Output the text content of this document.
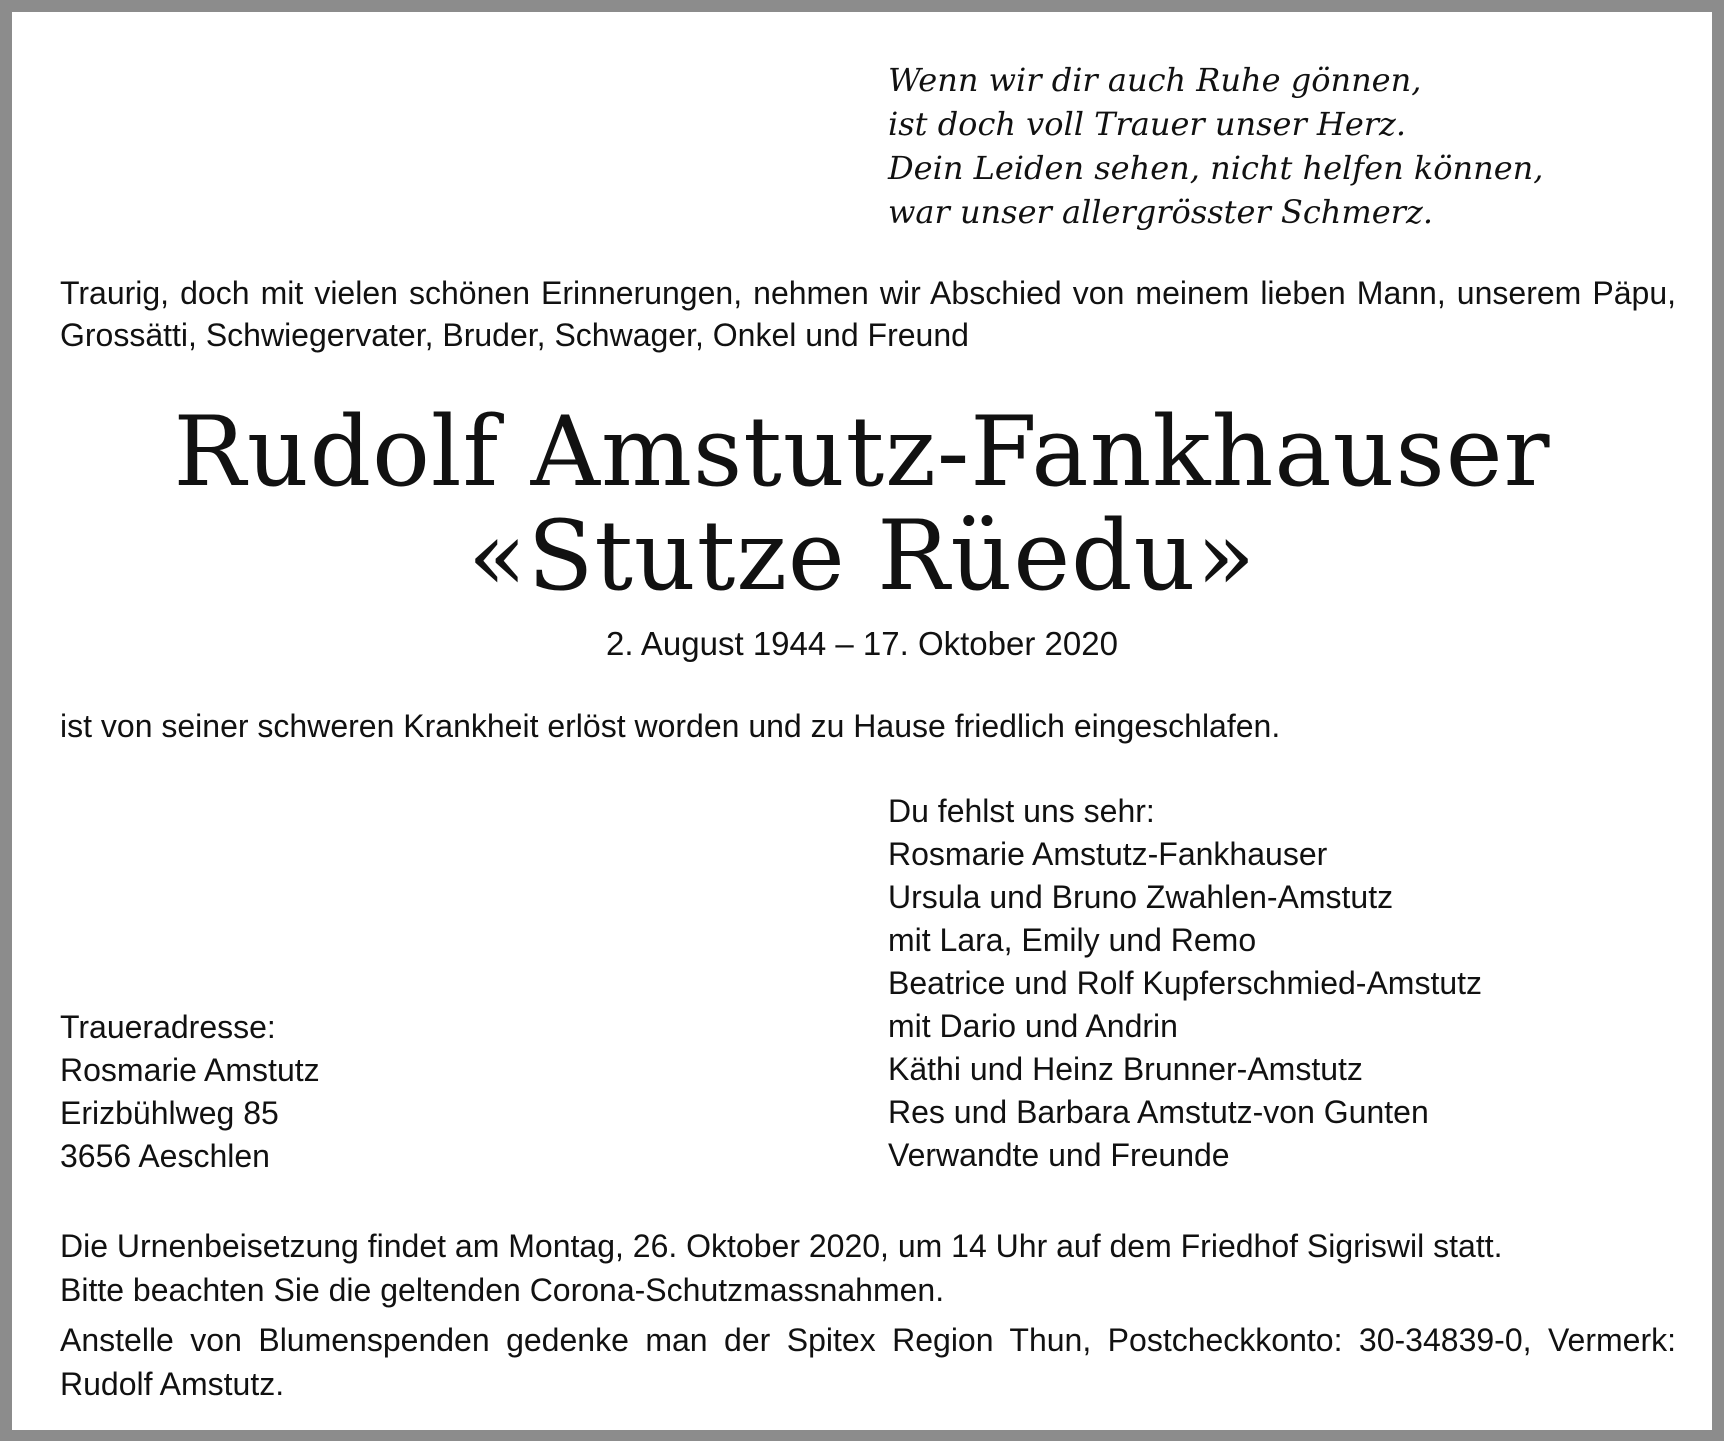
Wenn wir dir auch Ruhe gönnen,
ist doch voll Trauer unser Herz.
Dein Leiden sehen, nicht helfen können,
war unser allergrösster Schmerz.
Traurig, doch mit vielen schönen Erinnerungen, nehmen wir Abschied von meinem lieben Mann, unserem Päpu, Grossätti, Schwiegervater, Bruder, Schwager, Onkel und Freund
Rudolf Amstutz-Fankhauser
«Stutze Rüedu»
2. August 1944 – 17. Oktober 2020
ist von seiner schweren Krankheit erlöst worden und zu Hause friedlich eingeschlafen.
Du fehlst uns sehr:
Rosmarie Amstutz-Fankhauser
Ursula und Bruno Zwahlen-Amstutz
mit Lara, Emily und Remo
Beatrice und Rolf Kupferschmied-Amstutz
mit Dario und Andrin
Käthi und Heinz Brunner-Amstutz
Res und Barbara Amstutz-von Gunten
Verwandte und Freunde
Traueradresse:
Rosmarie Amstutz
Erizbühlweg 85
3656 Aeschlen
Die Urnenbeisetzung findet am Montag, 26. Oktober 2020, um 14 Uhr auf dem Friedhof Sigriswil statt.
Bitte beachten Sie die geltenden Corona-Schutzmassnahmen.
Anstelle von Blumenspenden gedenke man der Spitex Region Thun, Postcheckkonto: 30-34839-0, Vermerk: Rudolf Amstutz.
